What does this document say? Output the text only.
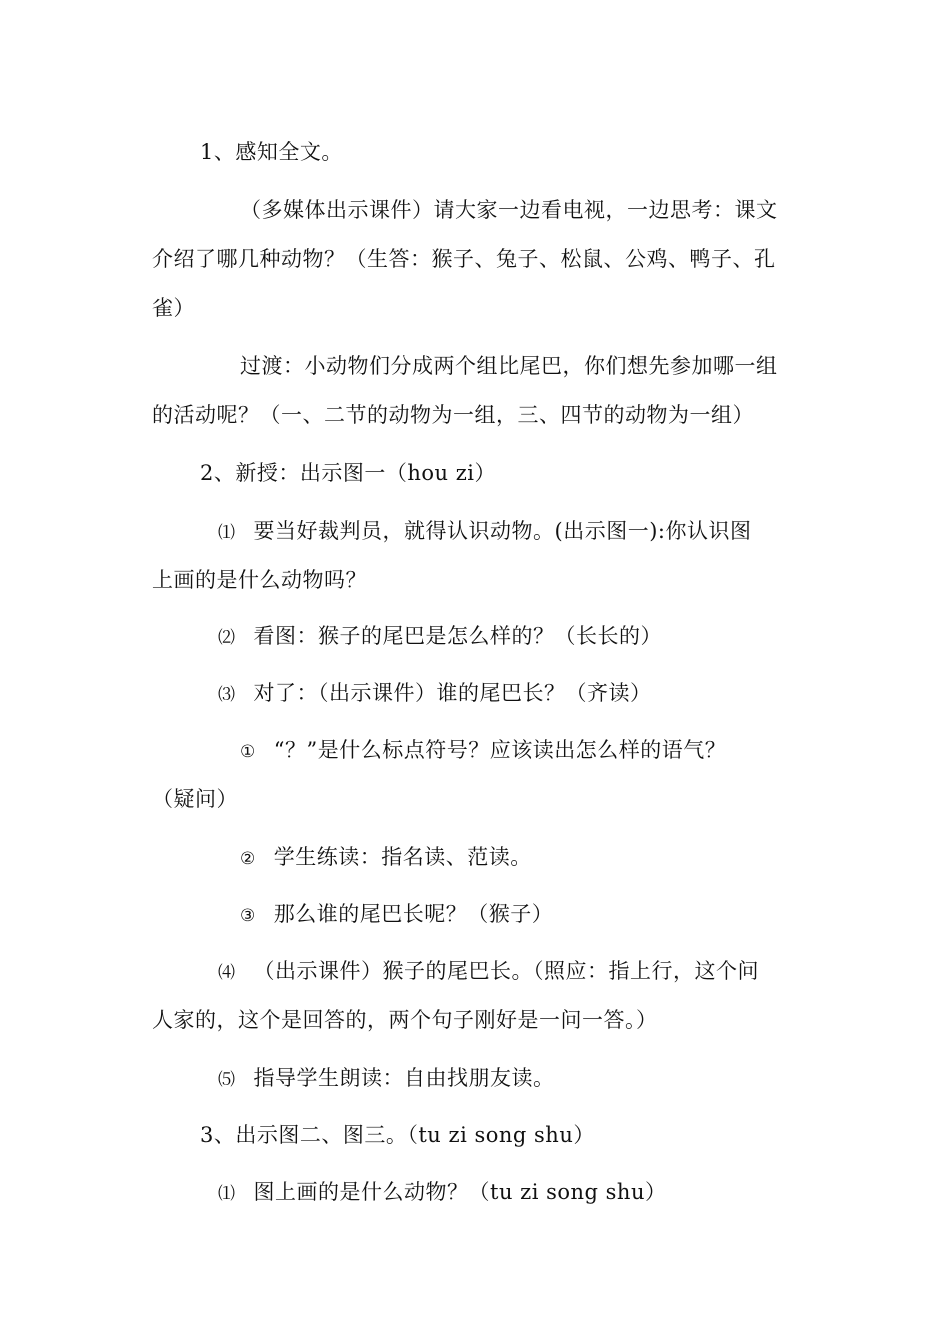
1、感知全文。
（多媒体出示课件）请大家一边看电视，一边思考：课文
介绍了哪几种动物？（生答：猴子、兔子、松鼠、公鸡、鸭子、孔
雀）
过渡：小动物们分成两个组比尾巴，你们想先参加哪一组
的活动呢？（一、二节的动物为一组，三、四节的动物为一组）
2、新授：出示图一（hou zi）
⑴ 要当好裁判员，就得认识动物。(出示图一):你认识图
上画的是什么动物吗？
⑵ 看图：猴子的尾巴是怎么样的？（长长的）
⑶ 对了：（出示课件）谁的尾巴长？（齐读）
① “？”是什么标点符号？应该读出怎么样的语气？
（疑问）
② 学生练读：指名读、范读。
③ 那么谁的尾巴长呢？（猴子）
⑷ （出示课件）猴子的尾巴长。（照应：指上行，这个问
人家的，这个是回答的，两个句子刚好是一问一答。）
⑸ 指导学生朗读：自由找朋友读。
3、出示图二、图三。（tu zi song shu）
⑴ 图上画的是什么动物？（tu zi song shu）
